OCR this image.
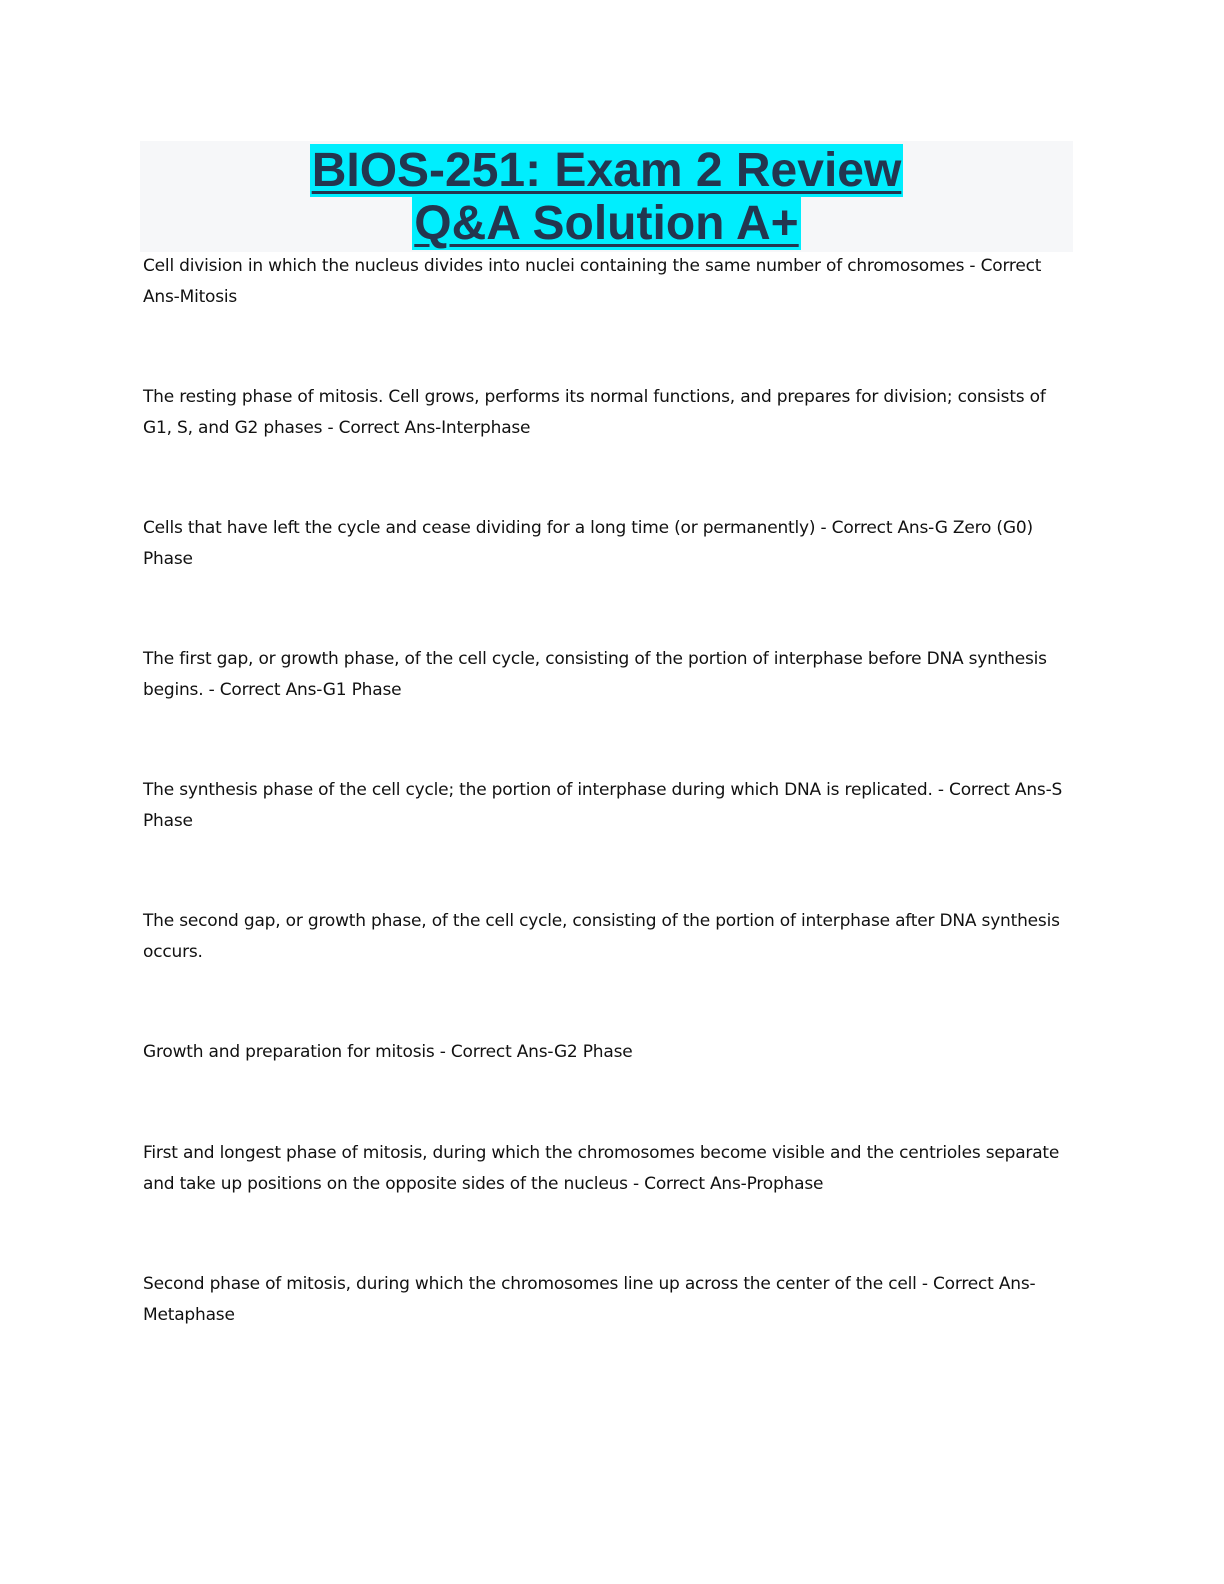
BIOS-251: Exam 2 Review
Q&A Solution A+
Cell division in which the nucleus divides into nuclei containing the same number of chromosomes - Correct Ans-Mitosis
The resting phase of mitosis. Cell grows, performs its normal functions, and prepares for division; consists of G1, S, and G2 phases - Correct Ans-Interphase
Cells that have left the cycle and cease dividing for a long time (or permanently) - Correct Ans-G Zero (G0) Phase
The first gap, or growth phase, of the cell cycle, consisting of the portion of interphase before DNA synthesis begins. - Correct Ans-G1 Phase
The synthesis phase of the cell cycle; the portion of interphase during which DNA is replicated. - Correct Ans-S Phase
The second gap, or growth phase, of the cell cycle, consisting of the portion of interphase after DNA synthesis occurs.
Growth and preparation for mitosis - Correct Ans-G2 Phase
First and longest phase of mitosis, during which the chromosomes become visible and the centrioles separate and take up positions on the opposite sides of the nucleus - Correct Ans-Prophase
Second phase of mitosis, during which the chromosomes line up across the center of the cell - Correct Ans-Metaphase
